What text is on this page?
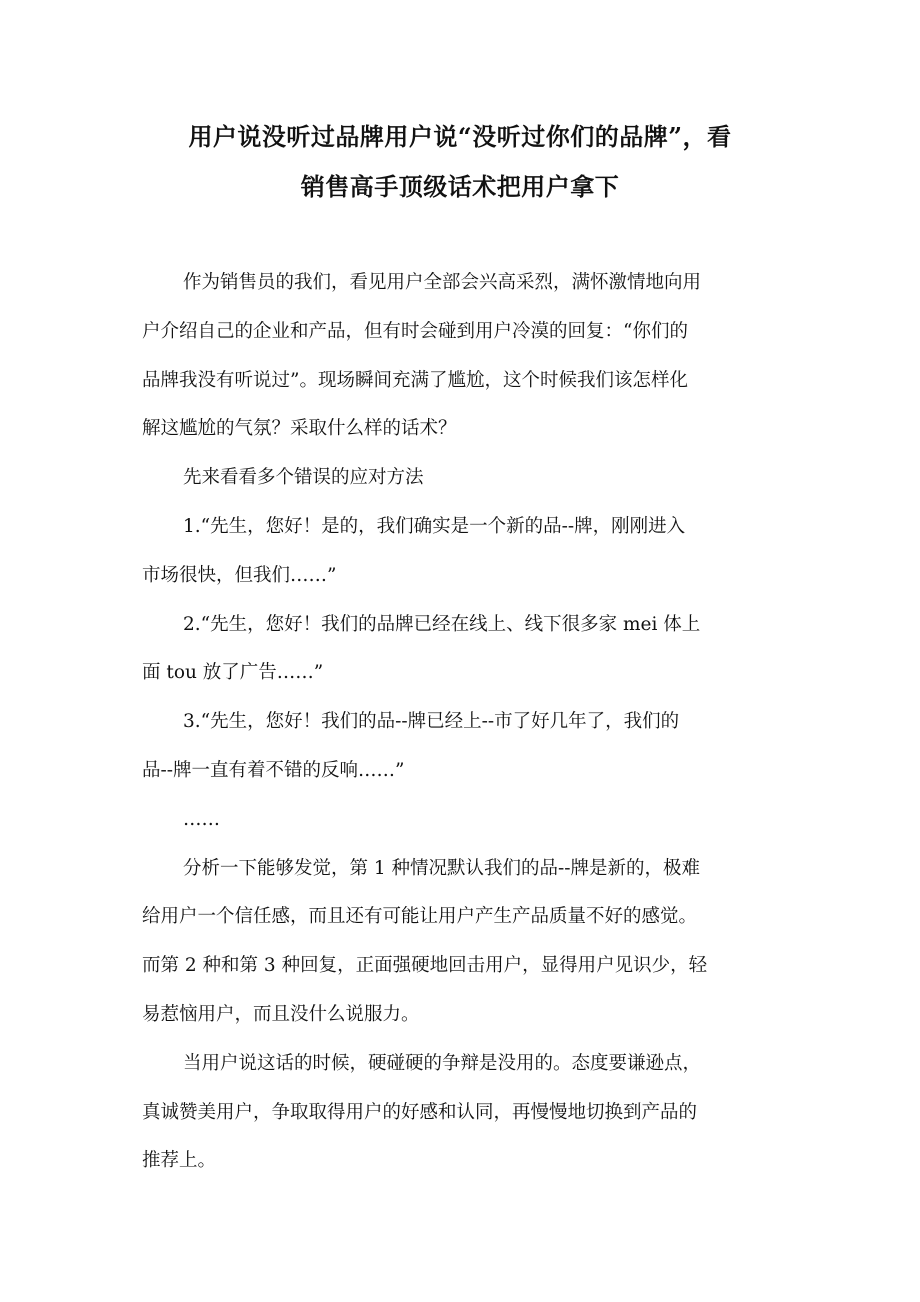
用户说没听过品牌用户说“没听过你们的品牌”，看
销售高手顶级话术把用户拿下
作为销售员的我们，看见用户全部会兴高采烈，满怀激情地向用
户介绍自己的企业和产品，但有时会碰到用户冷漠的回复：“你们的
品牌我没有听说过”。现场瞬间充满了尴尬，这个时候我们该怎样化
解这尴尬的气氛？采取什么样的话术？
先来看看多个错误的应对方法
1.“先生，您好！是的，我们确实是一个新的品--牌，刚刚进入
市场很快，但我们……”
2.“先生，您好！我们的品牌已经在线上、线下很多家 mei 体上
面 tou 放了广告……”
3.“先生，您好！我们的品--牌已经上--市了好几年了，我们的
品--牌一直有着不错的反响……”
……
分析一下能够发觉，第 1 种情况默认我们的品--牌是新的，极难
给用户一个信任感，而且还有可能让用户产生产品质量不好的感觉。
而第 2 种和第 3 种回复，正面强硬地回击用户，显得用户见识少，轻
易惹恼用户，而且没什么说服力。
当用户说这话的时候，硬碰硬的争辩是没用的。态度要谦逊点，
真诚赞美用户，争取取得用户的好感和认同，再慢慢地切换到产品的
推荐上。
